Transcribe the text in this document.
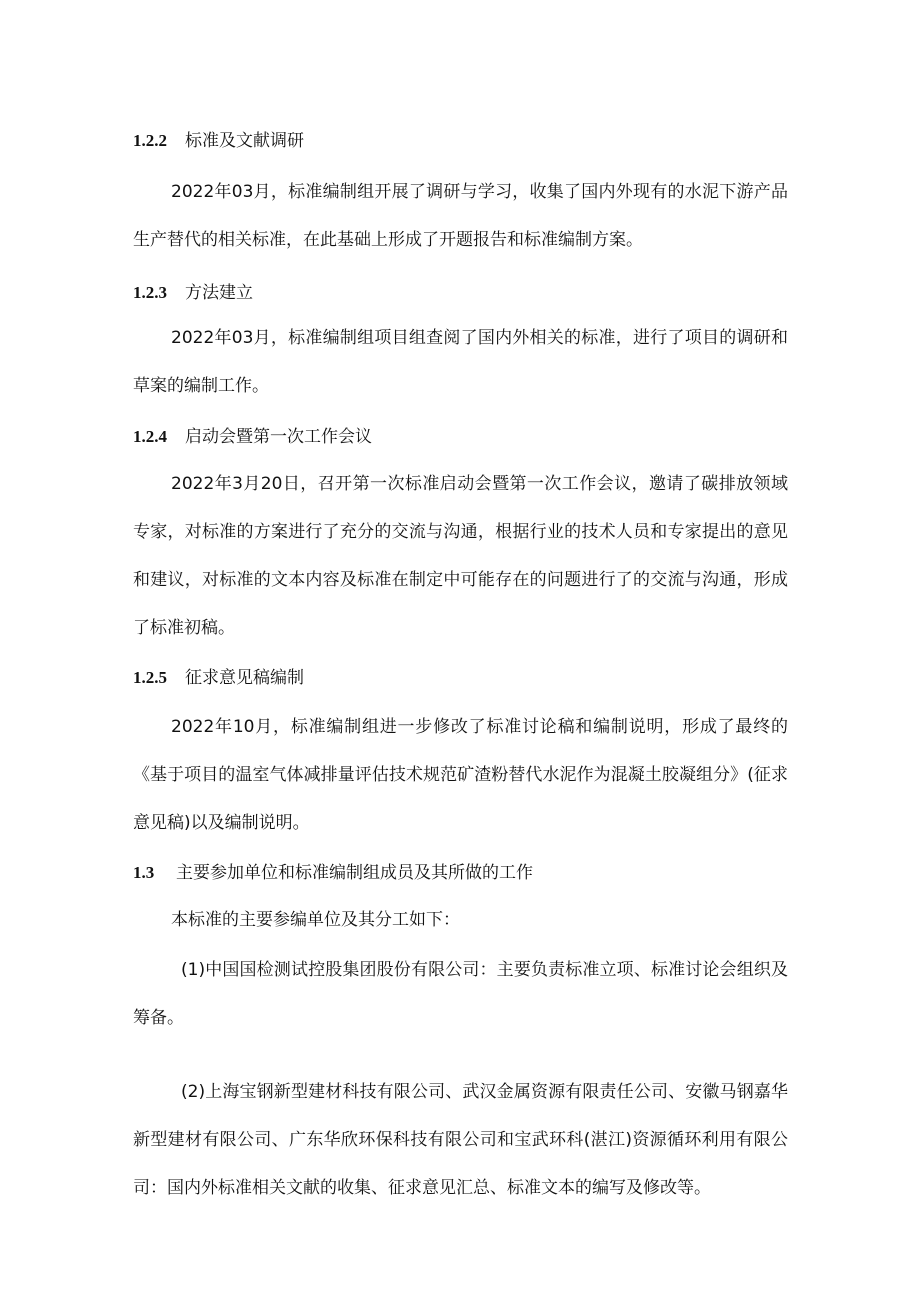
1.2.2 标准及文献调研

2022年03月，标准编制组开展了调研与学习，收集了国内外现有的水泥下游产品生产替代的相关标准，在此基础上形成了开题报告和标准编制方案。

1.2.3 方法建立

2022年03月，标准编制组项目组查阅了国内外相关的标准，进行了项目的调研和草案的编制工作。

1.2.4 启动会暨第一次工作会议

2022年3月20日，召开第一次标准启动会暨第一次工作会议，邀请了碳排放领域专家，对标准的方案进行了充分的交流与沟通，根据行业的技术人员和专家提出的意见和建议，对标准的文本内容及标准在制定中可能存在的问题进行了的交流与沟通，形成了标准初稿。

1.2.5 征求意见稿编制

2022年10月，标准编制组进一步修改了标准讨论稿和编制说明，形成了最终的《基于项目的温室气体减排量评估技术规范矿渣粉替代水泥作为混凝土胶凝组分》(征求意见稿)以及编制说明。

1.3 主要参加单位和标准编制组成员及其所做的工作

本标准的主要参编单位及其分工如下：

(1)中国国检测试控股集团股份有限公司：主要负责标准立项、标准讨论会组织及筹备。

(2)上海宝钢新型建材科技有限公司、武汉金属资源有限责任公司、安徽马钢嘉华新型建材有限公司、广东华欣环保科技有限公司和宝武环科(湛江)资源循环利用有限公司：国内外标准相关文献的收集、征求意见汇总、标准文本的编写及修改等。
